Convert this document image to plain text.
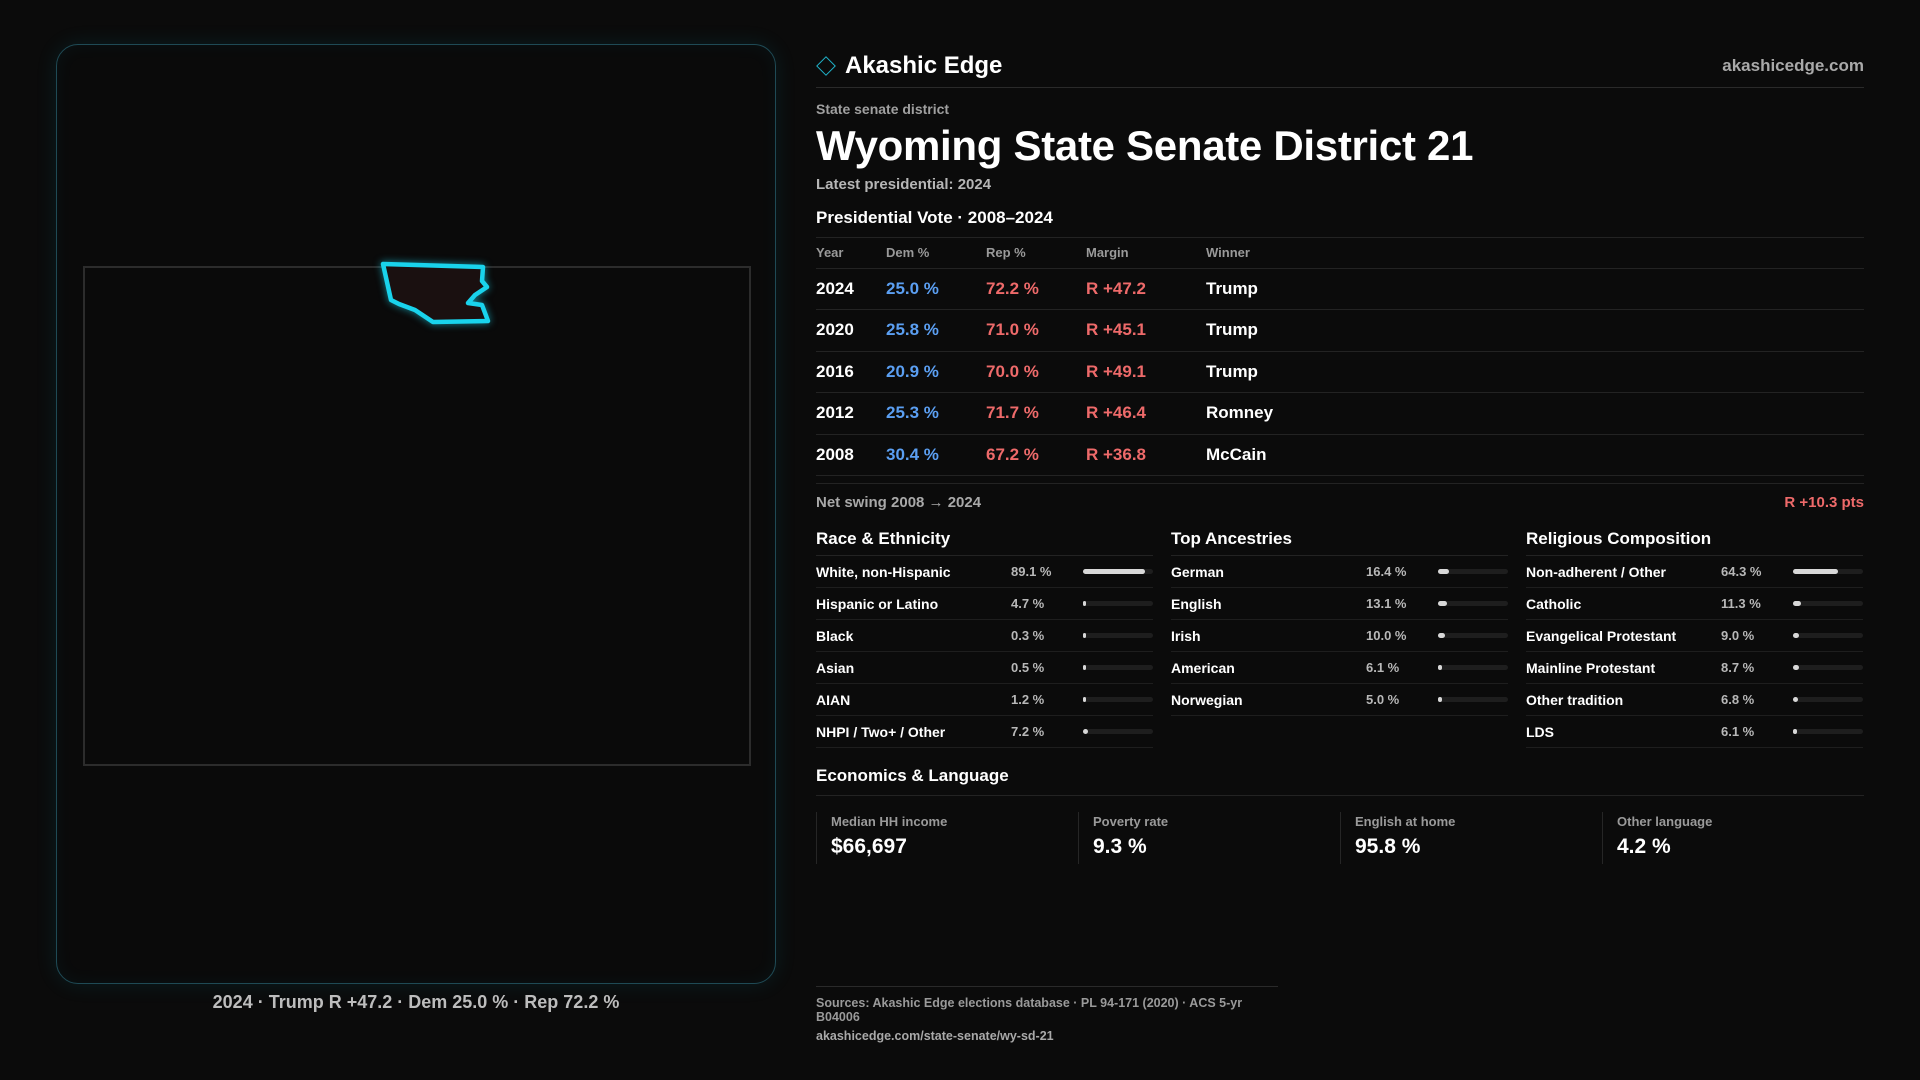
2024 · Trump R +47.2 · Dem 25.0 % · Rep 72.2 %
Akashic Edge	akashicedge.com
State senate district
Wyoming State Senate District 21
Latest presidential: 2024
Presidential Vote · 2008–2024
Year	Dem %	Rep %	Margin	Winner
2024	25.0 %	72.2 %	R +47.2	Trump
2020	25.8 %	71.0 %	R +45.1	Trump
2016	20.9 %	70.0 %	R +49.1	Trump
2012	25.3 %	71.7 %	R +46.4	Romney
2008	30.4 %	67.2 %	R +36.8	McCain
Net swing 2008 → 2024	R +10.3 pts
Race & Ethnicity
White, non-Hispanic	89.1 %
Hispanic or Latino	4.7 %
Black	0.3 %
Asian	0.5 %
AIAN	1.2 %
NHPI / Two+ / Other	7.2 %
Top Ancestries
German	16.4 %
English	13.1 %
Irish	10.0 %
American	6.1 %
Norwegian	5.0 %
Religious Composition
Non-adherent / Other	64.3 %
Catholic	11.3 %
Evangelical Protestant	9.0 %
Mainline Protestant	8.7 %
Other tradition	6.8 %
LDS	6.1 %
Economics & Language
Median HH income
$66,697
Poverty rate
9.3 %
English at home
95.8 %
Other language
4.2 %
Sources: Akashic Edge elections database · PL 94-171 (2020) · ACS 5-yr B04006
akashicedge.com/state-senate/wy-sd-21
